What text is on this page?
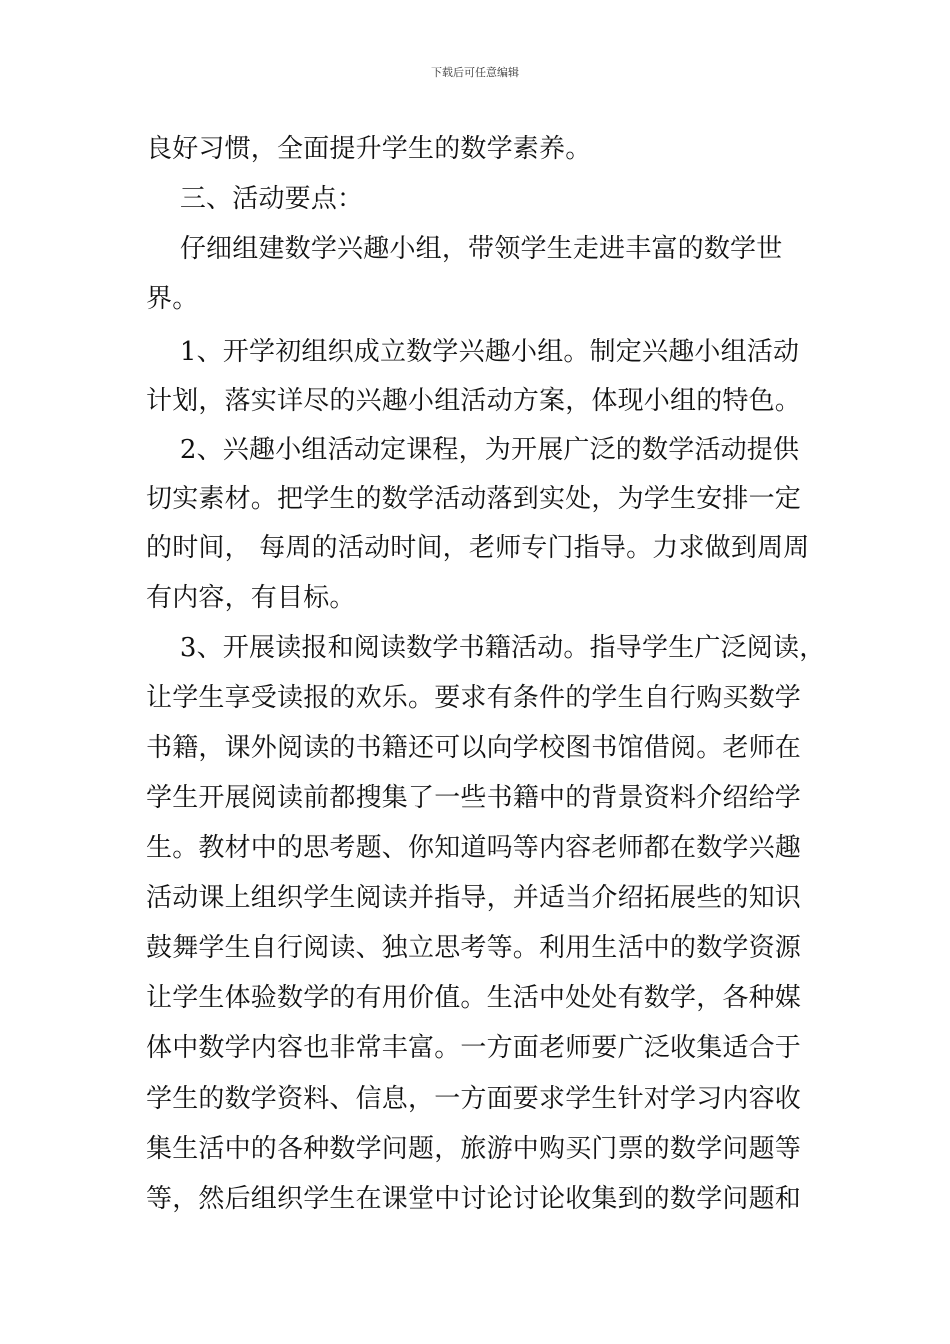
下载后可任意编辑
良好习惯，全面提升学生的数学素养。
三、活动要点：
仔细组建数学兴趣小组，带领学生走进丰富的数学世
界。
1、开学初组织成立数学兴趣小组。制定兴趣小组活动
计划，落实详尽的兴趣小组活动方案，体现小组的特色。
2、兴趣小组活动定课程，为开展广泛的数学活动提供
切实素材。把学生的数学活动落到实处，为学生安排一定
的时间， 每周的活动时间，老师专门指导。力求做到周周
有内容，有目标。
3、开展读报和阅读数学书籍活动。指导学生广泛阅读，
让学生享受读报的欢乐。要求有条件的学生自行购买数学
书籍，课外阅读的书籍还可以向学校图书馆借阅。老师在
学生开展阅读前都搜集了一些书籍中的背景资料介绍给学
生。教材中的思考题、你知道吗等内容老师都在数学兴趣
活动课上组织学生阅读并指导，并适当介绍拓展些的知识
鼓舞学生自行阅读、独立思考等。利用生活中的数学资源
让学生体验数学的有用价值。生活中处处有数学，各种媒
体中数学内容也非常丰富。一方面老师要广泛收集适合于
学生的数学资料、信息，一方面要求学生针对学习内容收
集生活中的各种数学问题，旅游中购买门票的数学问题等
等，然后组织学生在课堂中讨论讨论收集到的数学问题和
